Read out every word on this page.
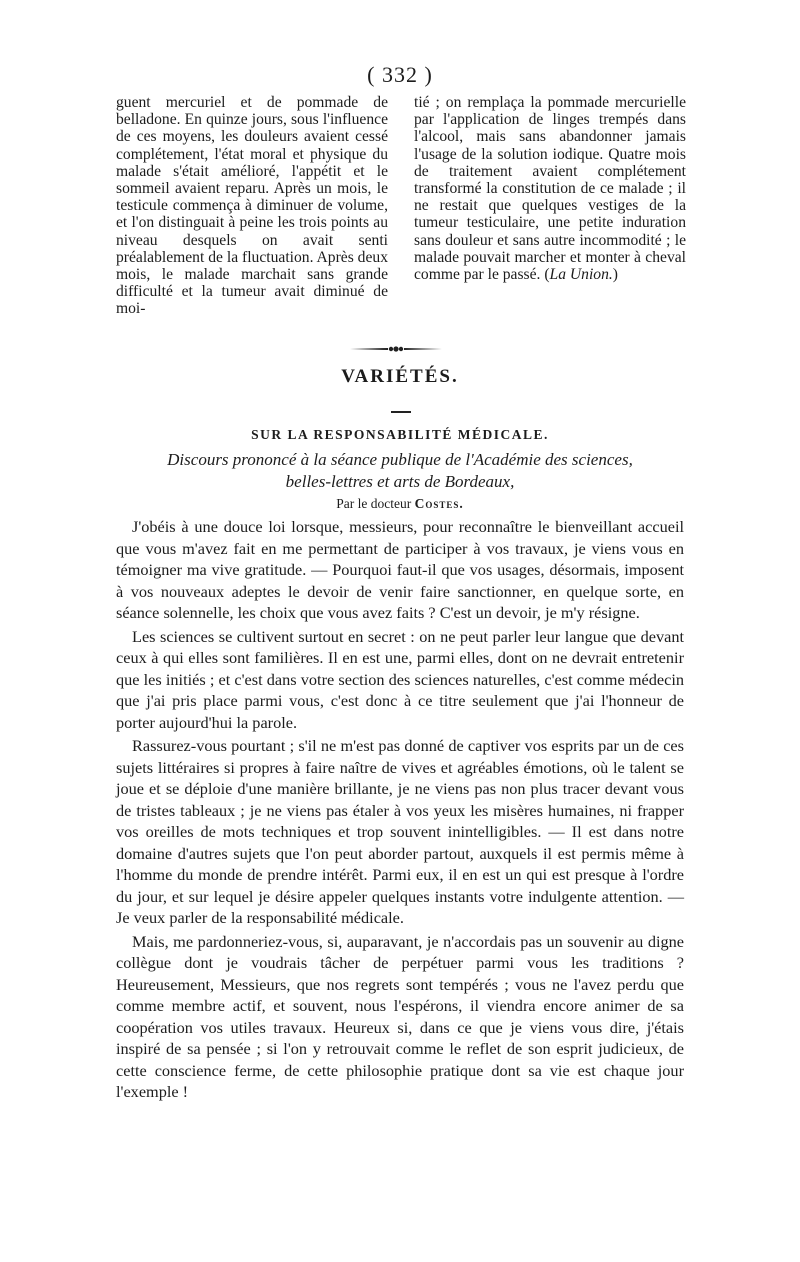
( 332 )

guent mercuriel et de pommade de belladone. En quinze jours, sous l'influence de ces moyens, les douleurs avaient cessé complétement, l'état moral et physique du malade s'était amélioré, l'appétit et le sommeil avaient reparu. Après un mois, le testicule commença à diminuer de volume, et l'on distinguait à peine les trois points au niveau desquels on avait senti préalablement de la fluctuation. Après deux mois, le malade marchait sans grande difficulté et la tumeur avait diminué de moi-

tié ; on remplaça la pommade mercurielle par l'application de linges trempés dans l'alcool, mais sans abandonner jamais l'usage de la solution iodique. Quatre mois de traitement avaient complétement transformé la constitution de ce malade ; il ne restait que quelques vestiges de la tumeur testiculaire, une petite induration sans douleur et sans autre incommodité ; le malade pouvait marcher et monter à cheval comme par le passé. (La Union.)

VARIÉTÉS.
SUR LA RESPONSABILITÉ MÉDICALE.
Discours prononcé à la séance publique de l'Académie des sciences,
belles-lettres et arts de Bordeaux,
Par le docteur Costes.

J'obéis à une douce loi lorsque, messieurs, pour reconnaître le bienveillant accueil que vous m'avez fait en me permettant de participer à vos travaux, je viens vous en témoigner ma vive gratitude. — Pourquoi faut-il que vos usages, désormais, imposent à vos nouveaux adeptes le devoir de venir faire sanctionner, en quelque sorte, en séance solennelle, les choix que vous avez faits ? C'est un devoir, je m'y résigne.

Les sciences se cultivent surtout en secret : on ne peut parler leur langue que devant ceux à qui elles sont familières. Il en est une, parmi elles, dont on ne devrait entretenir que les initiés ; et c'est dans votre section des sciences naturelles, c'est comme médecin que j'ai pris place parmi vous, c'est donc à ce titre seulement que j'ai l'honneur de porter aujourd'hui la parole.

Rassurez-vous pourtant ; s'il ne m'est pas donné de captiver vos esprits par un de ces sujets littéraires si propres à faire naître de vives et agréables émotions, où le talent se joue et se déploie d'une manière brillante, je ne viens pas non plus tracer devant vous de tristes tableaux ; je ne viens pas étaler à vos yeux les misères humaines, ni frapper vos oreilles de mots techniques et trop souvent inintelligibles. — Il est dans notre domaine d'autres sujets que l'on peut aborder partout, auxquels il est permis même à l'homme du monde de prendre intérêt. Parmi eux, il en est un qui est presque à l'ordre du jour, et sur lequel je désire appeler quelques instants votre indulgente attention. — Je veux parler de la responsabilité médicale.

Mais, me pardonneriez-vous, si, auparavant, je n'accordais pas un souvenir au digne collègue dont je voudrais tâcher de perpétuer parmi vous les traditions ? Heureusement, Messieurs, que nos regrets sont tempérés ; vous ne l'avez perdu que comme membre actif, et souvent, nous l'espérons, il viendra encore animer de sa coopération vos utiles travaux. Heureux si, dans ce que je viens vous dire, j'étais inspiré de sa pensée ; si l'on y retrouvait comme le reflet de son esprit judicieux, de cette conscience ferme, de cette philosophie pratique dont sa vie est chaque jour l'exemple !
